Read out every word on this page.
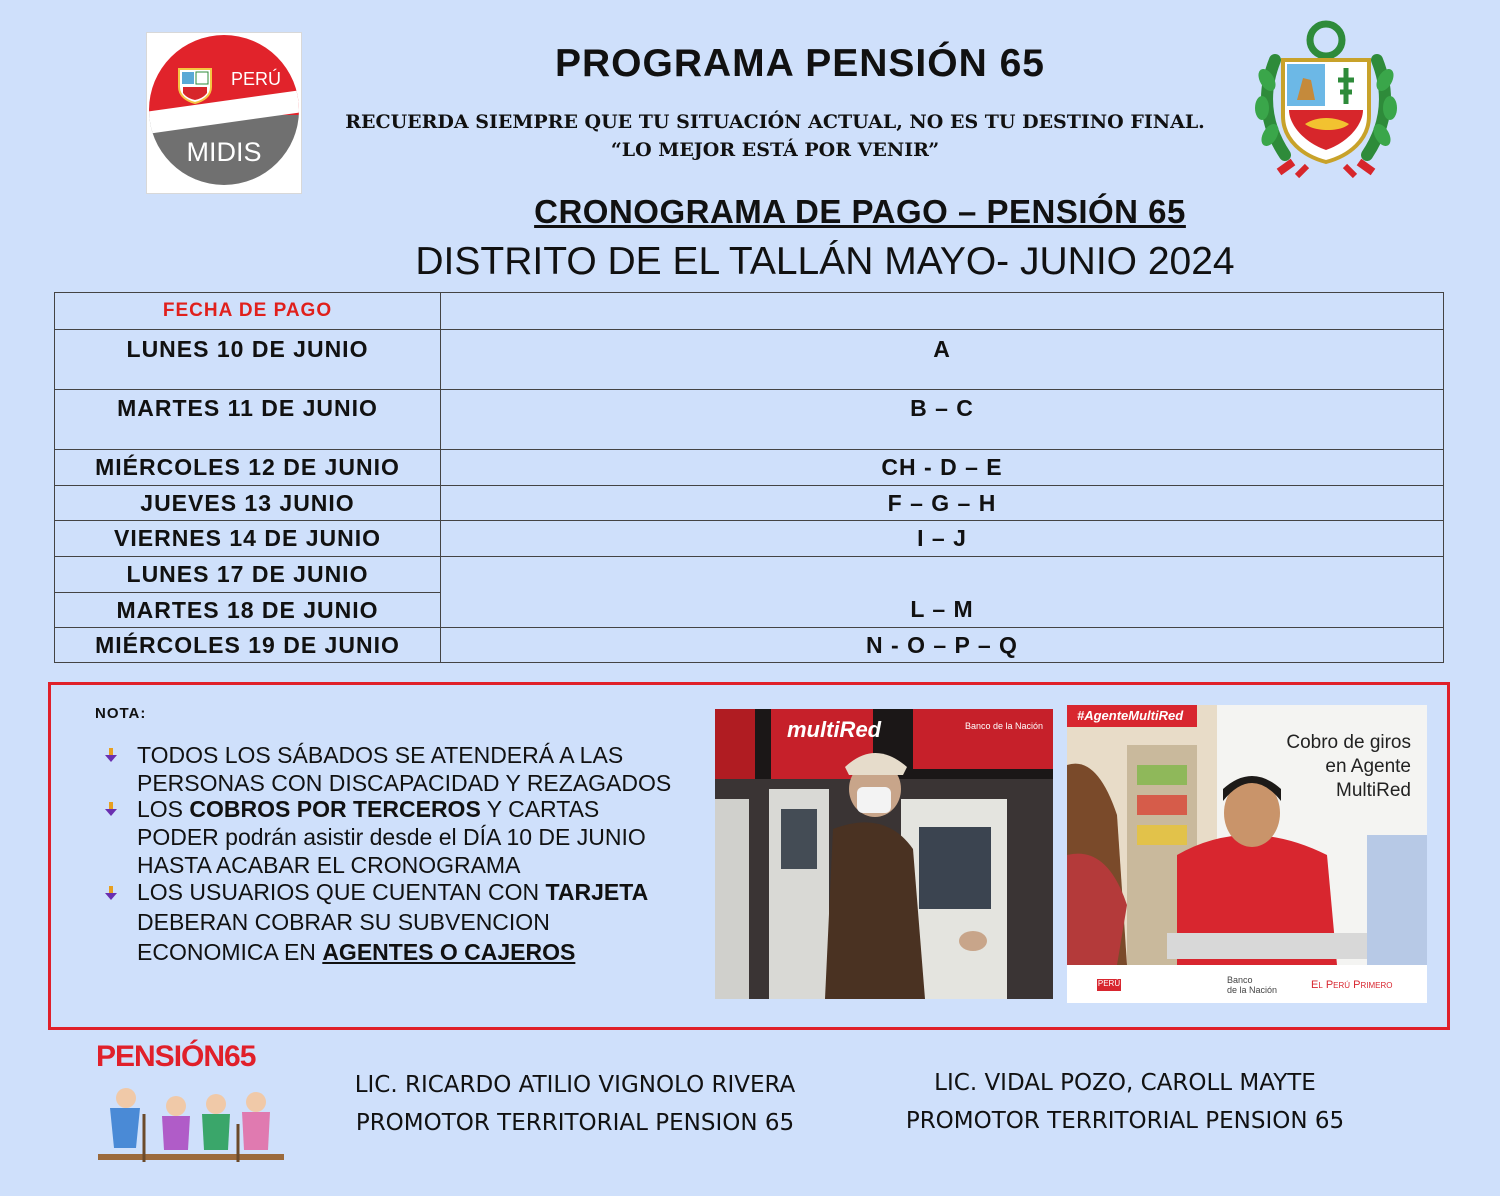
PERÚ
MIDIS
PROGRAMA PENSIÓN 65
RECUERDA SIEMPRE QUE TU SITUACIÓN ACTUAL, NO ES TU DESTINO FINAL.
“LO MEJOR ESTÁ POR VENIR”
CRONOGRAMA DE PAGO – PENSIÓN 65
DISTRITO DE EL TALLÁN MAYO- JUNIO 2024
FECHA DE PAGO	
LUNES 10 DE JUNIO	A
MARTES 11 DE JUNIO	B – C
MIÉRCOLES 12 DE JUNIO	CH - D – E
JUEVES 13 JUNIO	F – G – H
VIERNES 14 DE JUNIO	I – J
LUNES 17 DE JUNIO	L – M
MARTES 18 DE JUNIO	
MIÉRCOLES 19 DE JUNIO	N - O – P – Q
NOTA:
TODOS LOS SÁBADOS SE ATENDERÁ A LAS PERSONAS CON DISCAPACIDAD Y REZAGADOS
LOS COBROS POR TERCEROS Y CARTAS PODER podrán asistir desde el DÍA 10 DE JUNIO HASTA ACABAR EL CRONOGRAMA
LOS USUARIOS QUE CUENTAN CON TARJETA DEBERAN COBRAR SU SUBVENCION ECONOMICA EN AGENTES O CAJEROS
multiRed	Banco de la Nación
#AgenteMultiRed
Cobro de giros
en Agente
MultiRed
PERÚ	Banco
de la Nación	El Perú Primero
PENSIÓN65
LIC. RICARDO ATILIO VIGNOLO RIVERA
PROMOTOR TERRITORIAL PENSION 65
LIC. VIDAL POZO, CAROLL MAYTE
PROMOTOR TERRITORIAL PENSION 65
